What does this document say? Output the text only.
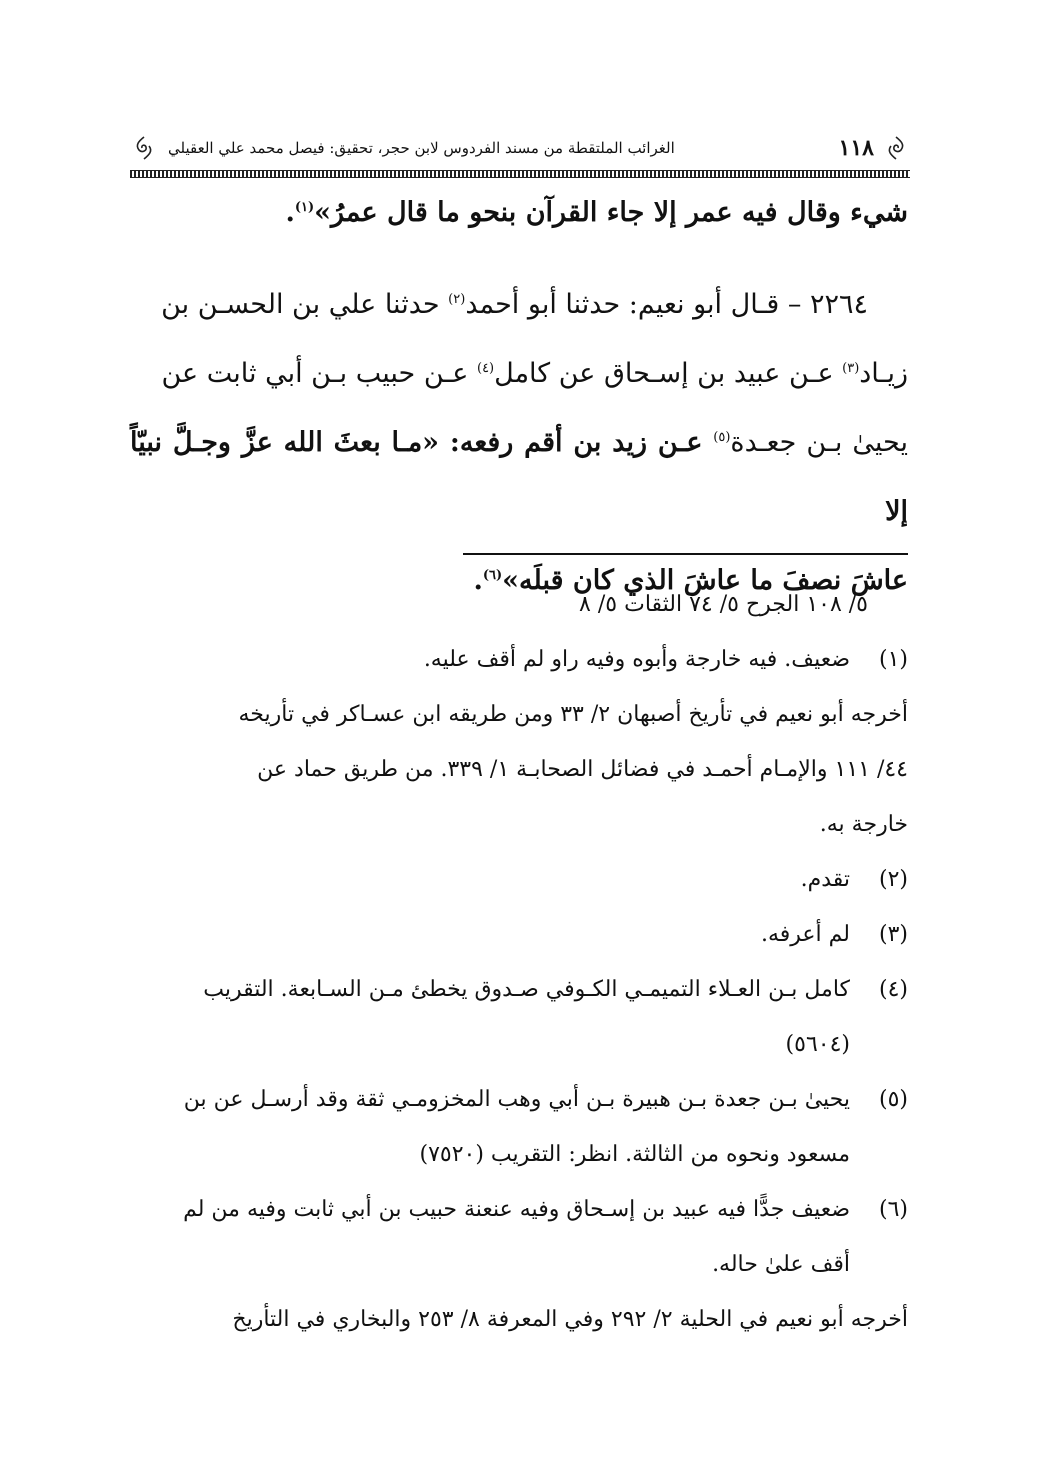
١١٨
الغرائب الملتقطة من مسند الفردوس لابن حجر، تحقيق: فيصل محمد علي العقيلي

شيء وقال فيه عمر إلا جاء القرآن بنحو ما قال عمرُ»$^{(١)}$.

٢٢٦٤ – قـال أبو نعيم: حدثنا أبو أحمد$^{(٢)}$ حدثنا علي بن الحسـن بن

زيـاد$^{(٣)}$ عـن عبيد بن إسـحاق عن كامل$^{(٤)}$ عـن حبيب بـن أبي ثابت عن

يحيىٰ بـن جعـدة$^{(٥)}$ عـن زيد بن أقم رفعه: «مـا بعثَ الله عزَّ وجـلَّ نبيّاً إلا

عاشَ نصفَ ما عاشَ الذي كان قبلَه»$^{(٦)}$.

٥/ ١٠٨ الجرح ٥/ ٧٤ الثقات ٥/ ٨

(١)
ضعيف. فيه خارجة وأبوه وفيه راو لم أقف عليه.
أخرجه أبو نعيم في تأريخ أصبهان ٢/ ٣٣ ومن طريقه ابن عسـاكر في تأريخه
٤٤/ ١١١ والإمـام أحمـد في فضائل الصحابـة ١/ ٣٣٩. من طريق حماد عن
خارجة به.
(٢)
تقدم.
(٣)
لم أعرفه.
(٤)
كامل بـن العـلاء التميمـي الكـوفي صـدوق يخطئ مـن السـابعة. التقريب
(٥٦٠٤)
(٥)
يحيىٰ بـن جعدة بـن هبيرة بـن أبي وهب المخزومـي ثقة وقد أرسـل عن بن
مسعود ونحوه من الثالثة. انظر: التقريب (٧٥٢٠)
(٦)
ضعيف جدًّا فيه عبيد بن إسـحاق وفيه عنعنة حبيب بن أبي ثابت وفيه من لم
أقف علىٰ حاله.
أخرجه أبو نعيم في الحلية ٢/ ٢٩٢ وفي المعرفة ٨/ ٢٥٣ والبخاري في التأريخ
